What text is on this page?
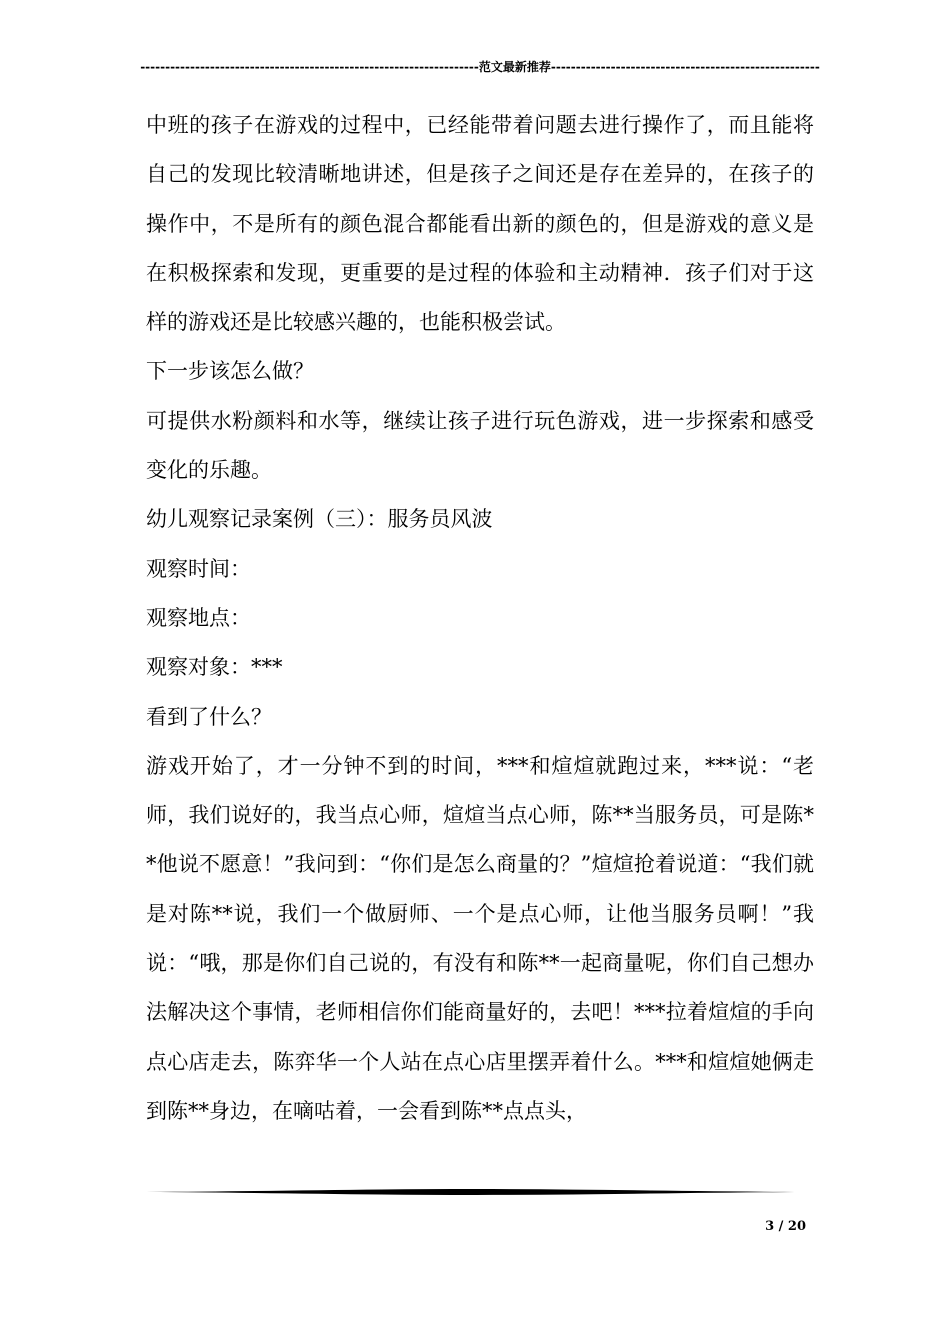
--------------------------------------------------------------------范文最新推荐------------------------------------------------------

中班的孩子在游戏的过程中，已经能带着问题去进行操作了，而且能将自己的发现比较清晰地讲述，但是孩子之间还是存在差异的，在孩子的操作中，不是所有的颜色混合都能看出新的颜色的，但是游戏的意义是在积极探索和发现，更重要的是过程的体验和主动精神．孩子们对于这样的游戏还是比较感兴趣的，也能积极尝试。

下一步该怎么做？

可提供水粉颜料和水等，继续让孩子进行玩色游戏，进一步探索和感受变化的乐趣。

幼儿观察记录案例（三）：服务员风波

观察时间：

观察地点：

观察对象：***

看到了什么？

游戏开始了，才一分钟不到的时间，***和煊煊就跑过来，***说：“老师，我们说好的，我当点心师，煊煊当点心师，陈**当服务员，可是陈**他说不愿意！”我问到：“你们是怎么商量的？”煊煊抢着说道：“我们就是对陈**说，我们一个做厨师、一个是点心师，让他当服务员啊！”我说：“哦，那是你们自己说的，有没有和陈**一起商量呢，你们自己想办法解决这个事情，老师相信你们能商量好的，去吧！***拉着煊煊的手向点心店走去，陈弈华一个人站在点心店里摆弄着什么。***和煊煊她俩走到陈**身边，在嘀咕着，一会看到陈**点点头，

3 / 20
